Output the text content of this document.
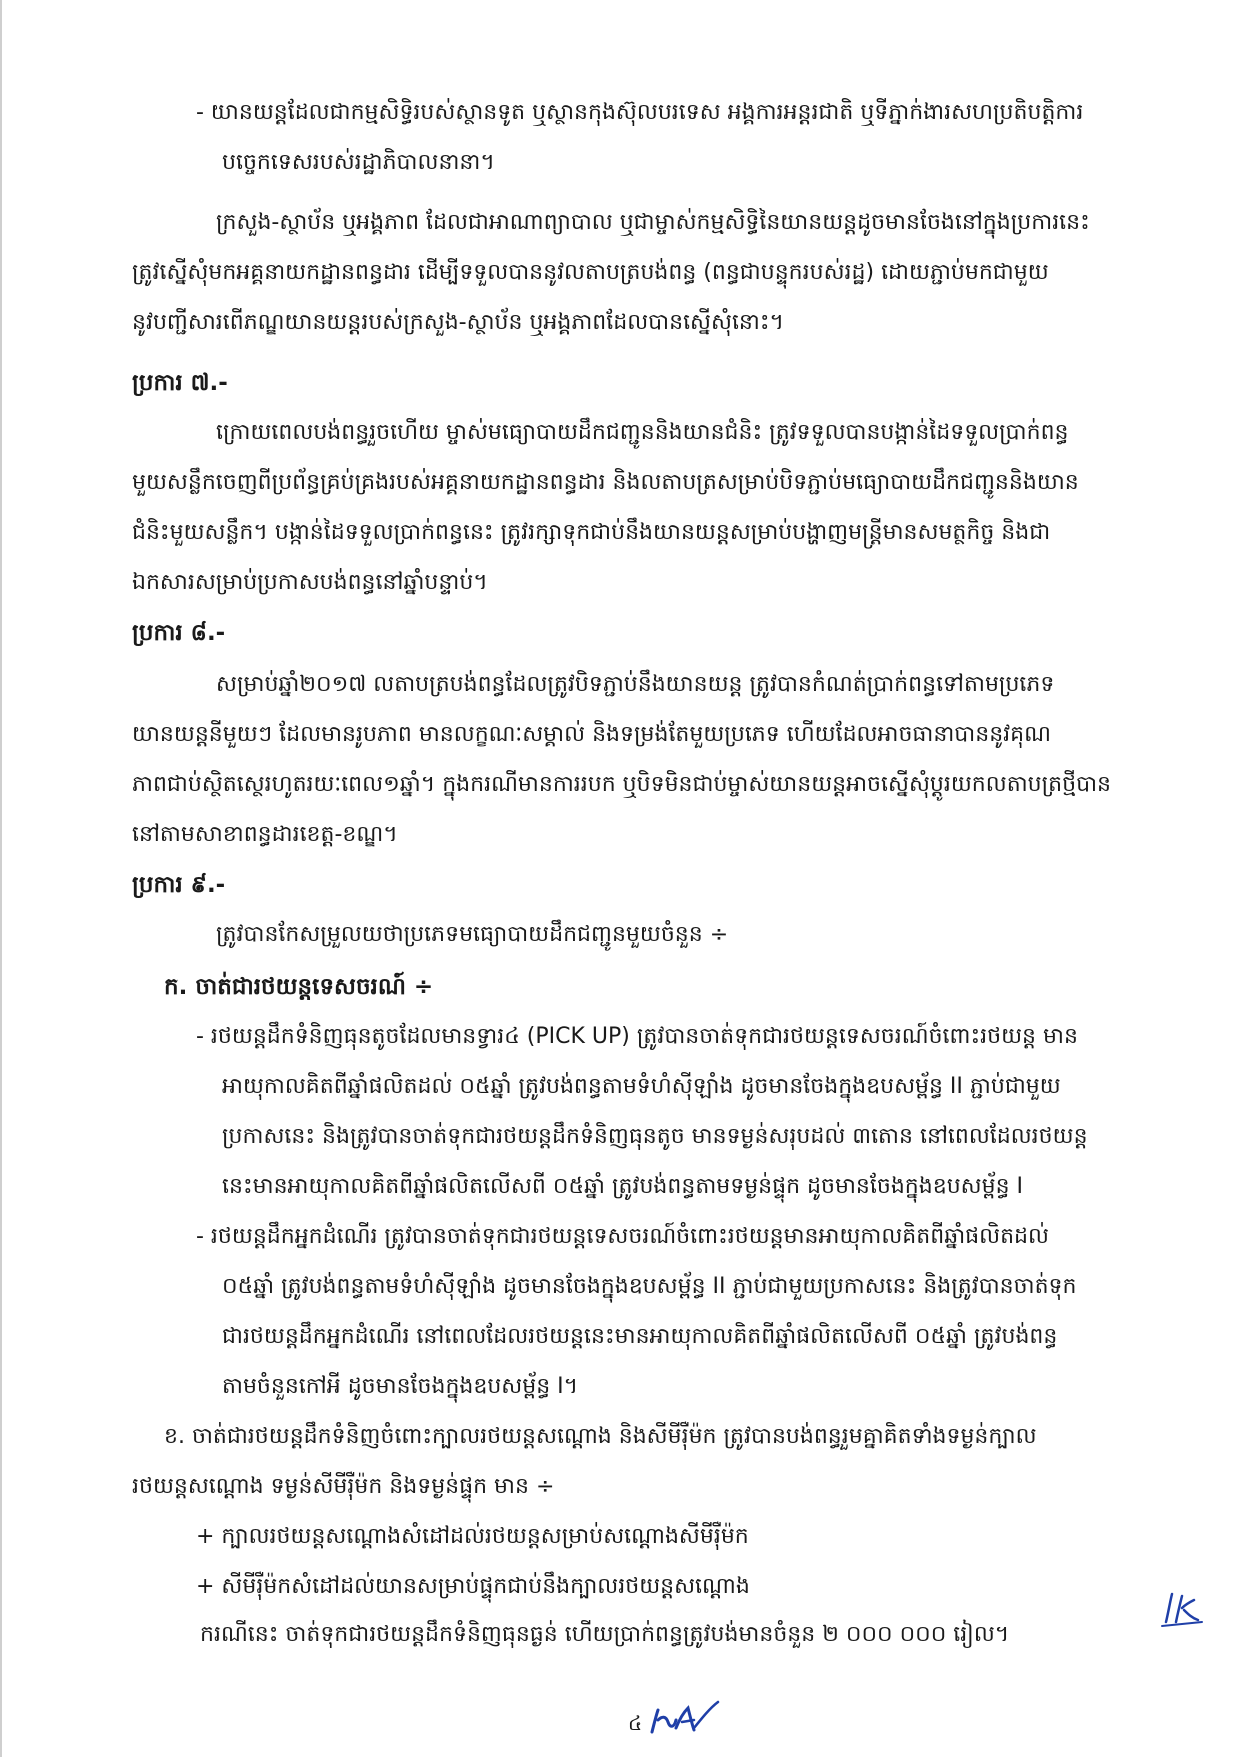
- យានយន្តដែលជាកម្មសិទ្ធិរបស់ស្ថានទូត ឬស្ថានកុងស៊ុលបរទេស អង្គការអន្តរជាតិ ឬទីភ្នាក់ងារសហប្រតិបត្តិការ
បច្ចេកទេសរបស់រដ្ឋាភិបាលនានា។
ក្រសួង-ស្ថាប័ន ឬអង្គភាព ដែលជាអាណាព្យាបាល ឬជាម្ចាស់កម្មសិទ្ធិនៃយានយន្តដូចមានចែងនៅក្នុងប្រការនេះ
ត្រូវស្នើសុំមកអគ្គនាយកដ្ឋានពន្ធដារ ដើម្បីទទួលបាននូវលតាបត្របង់ពន្ធ (ពន្ធជាបន្ទុករបស់រដ្ឋ) ដោយភ្ជាប់មកជាមួយ
នូវបញ្ជីសារពើភណ្ឌយានយន្តរបស់ក្រសួង-ស្ថាប័ន ឬអង្គភាពដែលបានស្នើសុំនោះ។
ប្រការ ៧.-
ក្រោយពេលបង់ពន្ធរួចហើយ ម្ចាស់មធ្យោបាយដឹកជញ្ជូននិងយានជំនិះ ត្រូវទទួលបានបង្កាន់ដៃទទួលប្រាក់ពន្ធ
មួយសន្លឹកចេញពីប្រព័ន្ធគ្រប់គ្រងរបស់អគ្គនាយកដ្ឋានពន្ធដារ និងលតាបត្រសម្រាប់បិទភ្ជាប់មធ្យោបាយដឹកជញ្ជូននិងយាន
ជំនិះមួយសន្លឹក។ បង្កាន់ដៃទទួលប្រាក់ពន្ធនេះ ត្រូវរក្សាទុកជាប់នឹងយានយន្តសម្រាប់បង្ហាញមន្ត្រីមានសមត្ថកិច្ច និងជា
ឯកសារសម្រាប់ប្រកាសបង់ពន្ធនៅឆ្នាំបន្ទាប់។
ប្រការ ៨.-
សម្រាប់ឆ្នាំ២០១៧ លតាបត្របង់ពន្ធដែលត្រូវបិទភ្ជាប់នឹងយានយន្ត ត្រូវបានកំណត់ប្រាក់ពន្ធទៅតាមប្រភេទ
យានយន្តនីមួយៗ ដែលមានរូបភាព មានលក្ខណៈសម្គាល់ និងទម្រង់តែមួយប្រភេទ ហើយដែលអាចធានាបាននូវគុណ
ភាពជាប់ស្ថិតស្ថេរហូតរយៈពេល១ឆ្នាំ។ ក្នុងករណីមានការរបក ឬបិទមិនជាប់ម្ចាស់យានយន្តអាចស្នើសុំប្តូរយកលតាបត្រថ្មីបាន
នៅតាមសាខាពន្ធដារខេត្ត-ខណ្ឌ។
ប្រការ ៩.-
ត្រូវបានកែសម្រួលយថាប្រភេទមធ្យោបាយដឹកជញ្ជូនមួយចំនួន ÷
ក. ចាត់ជារថយន្តទេសចរណ៍ ÷
- រថយន្តដឹកទំនិញធុនតូចដែលមានទ្វារ៤ (PICK UP) ត្រូវបានចាត់ទុកជារថយន្តទេសចរណ៍ចំពោះរថយន្ត មាន
អាយុកាលគិតពីឆ្នាំផលិតដល់ ០៥ឆ្នាំ ត្រូវបង់ពន្ធតាមទំហំស៊ីឡាំង ដូចមានចែងក្នុងឧបសម្ព័ន្ធ II ភ្ជាប់ជាមួយ
ប្រកាសនេះ និងត្រូវបានចាត់ទុកជារថយន្តដឹកទំនិញធុនតូច មានទម្ងន់សរុបដល់ ៣តោន នៅពេលដែលរថយន្ត
នេះមានអាយុកាលគិតពីឆ្នាំផលិតលើសពី ០៥ឆ្នាំ ត្រូវបង់ពន្ធតាមទម្ងន់ផ្ទុក ដូចមានចែងក្នុងឧបសម្ព័ន្ធ I
- រថយន្តដឹកអ្នកដំណើរ ត្រូវបានចាត់ទុកជារថយន្តទេសចរណ៍ចំពោះរថយន្តមានអាយុកាលគិតពីឆ្នាំផលិតដល់
០៥ឆ្នាំ ត្រូវបង់ពន្ធតាមទំហំស៊ីឡាំង ដូចមានចែងក្នុងឧបសម្ព័ន្ធ II ភ្ជាប់ជាមួយប្រកាសនេះ និងត្រូវបានចាត់ទុក
ជារថយន្តដឹកអ្នកដំណើរ នៅពេលដែលរថយន្តនេះមានអាយុកាលគិតពីឆ្នាំផលិតលើសពី ០៥ឆ្នាំ ត្រូវបង់ពន្ធ
តាមចំនួនកៅអី ដូចមានចែងក្នុងឧបសម្ព័ន្ធ I។
ខ. ចាត់ជារថយន្តដឹកទំនិញចំពោះក្បាលរថយន្តសណ្តោង និងសីមីរ៉ឺម៉ក ត្រូវបានបង់ពន្ធរួមគ្នាគិតទាំងទម្ងន់ក្បាល
រថយន្តសណ្តោង ទម្ងន់សីមីរ៉ឺម៉ក និងទម្ងន់ផ្ទុក មាន ÷
+ ក្បាលរថយន្តសណ្តោងសំដៅដល់រថយន្តសម្រាប់សណ្តោងសីមីរ៉ឺម៉ក
+ សីមីរ៉ឺម៉កសំដៅដល់យានសម្រាប់ផ្ទុកជាប់នឹងក្បាលរថយន្តសណ្តោង
ករណីនេះ ចាត់ទុកជារថយន្តដឹកទំនិញធុនធ្ងន់ ហើយប្រាក់ពន្ធត្រូវបង់មានចំនួន ២ ០០០ ០០០ រៀល។
៤
